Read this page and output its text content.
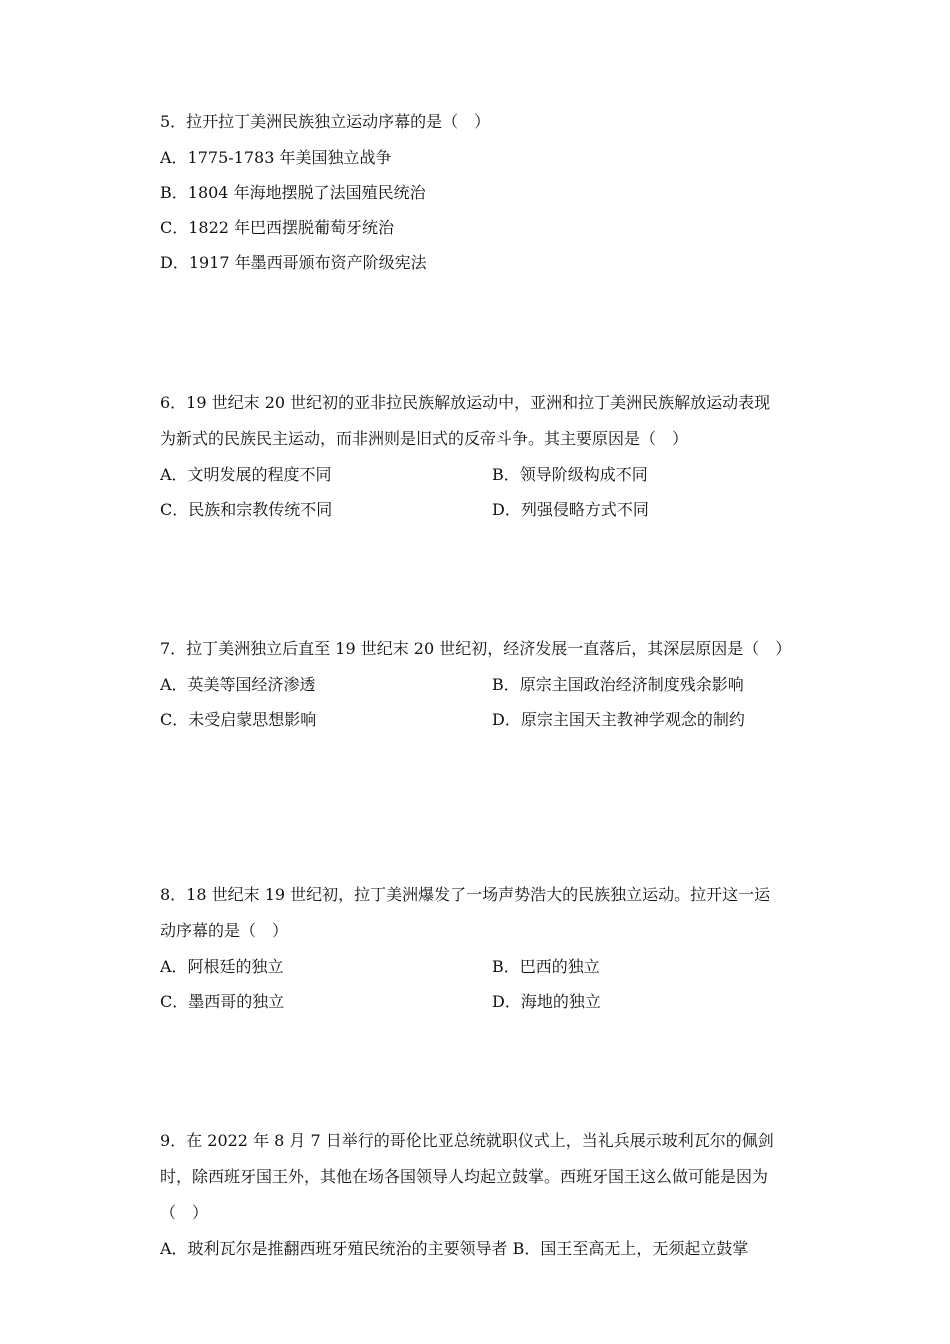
5．拉开拉丁美洲民族独立运动序幕的是（　）

A．1775-1783 年美国独立战争
B．1804 年海地摆脱了法国殖民统治
C．1822 年巴西摆脱葡萄牙统治
D．1917 年墨西哥颁布资产阶级宪法

6．19 世纪末 20 世纪初的亚非拉民族解放运动中，亚洲和拉丁美洲民族解放运动表现为新式的民族民主运动，而非洲则是旧式的反帝斗争。其主要原因是（　）

A．文明发展的程度不同	B．领导阶级构成不同
C．民族和宗教传统不同	D．列强侵略方式不同

7．拉丁美洲独立后直至 19 世纪末 20 世纪初，经济发展一直落后，其深层原因是（　）

A．英美等国经济渗透	B．原宗主国政治经济制度残余影响
C．未受启蒙思想影响	D．原宗主国天主教神学观念的制约

8．18 世纪末 19 世纪初，拉丁美洲爆发了一场声势浩大的民族独立运动。拉开这一运动序幕的是（　）

A．阿根廷的独立	B．巴西的独立
C．墨西哥的独立	D．海地的独立

9．在 2022 年 8 月 7 日举行的哥伦比亚总统就职仪式上，当礼兵展示玻利瓦尔的佩剑时，除西班牙国王外，其他在场各国领导人均起立鼓掌。西班牙国王这么做可能是因为（　）

A．玻利瓦尔是推翻西班牙殖民统治的主要领导者 B．国王至高无上，无须起立鼓掌
